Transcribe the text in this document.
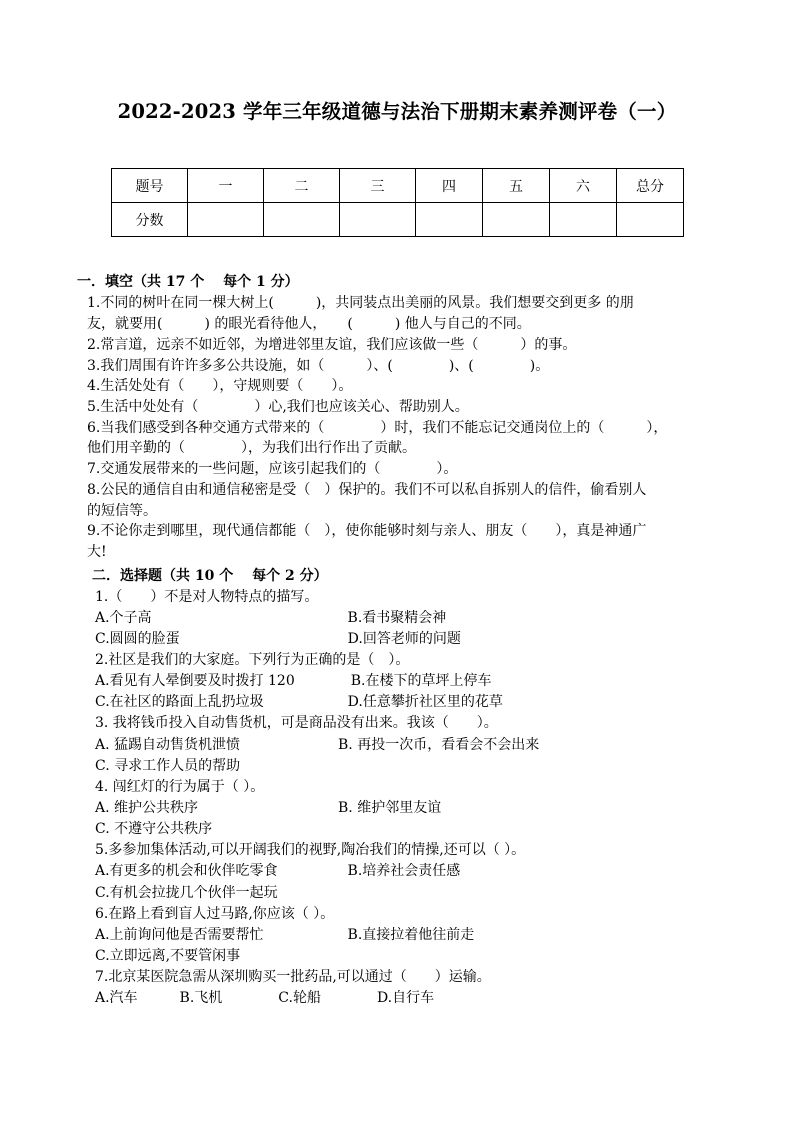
2022-2023 学年三年级道德与法治下册期末素养测评卷（一）
题号	一	二	三	四	五	六	总分
分数							
一．填空（共 17 个　 每个 1 分）
1.不同的树叶在同一棵大树上(　　　)，共同装点出美丽的风景。我们想要交到更多 的朋
友，就要用(　　　) 的眼光看待他人，　　(　　　) 他人与自己的不同。
2.常言道，远亲不如近邻，为增进邻里友谊，我们应该做一些（　　　）的事。
3.我们周围有许许多多公共设施，如（　　　）、(　　　　)、(　　　　)。
4.生活处处有（　　），守规则要（　　）。
5.生活中处处有（　　　　）心,我们也应该关心、帮助别人。
6.当我们感受到各种交通方式带来的（　　　　）时，我们不能忘记交通岗位上的（　　　），
他们用辛勤的（　　　　），为我们出行作出了贡献。
7.交通发展带来的一些问题，应该引起我们的（　　　　）。
8.公民的通信自由和通信秘密是受（　）保护的。我们不可以私自拆别人的信件，偷看别人
的短信等。
9.不论你走到哪里，现代通信都能（　），使你能够时刻与亲人、朋友（　　），真是神通广
大!
二．选择题（共 10 个　 每个 2 分）
1.（　　）不是对人物特点的描写。
A.个子高　　　　　　　　　　　　　　B.看书聚精会神
C.圆圆的脸蛋　　　　　　　　　　　　D.回答老师的问题
2.社区是我们的大家庭。下列行为正确的是（　）。
A.看见有人晕倒要及时拨打 120　　　　B.在楼下的草坪上停车
C.在社区的路面上乱扔垃圾　　　　　　D.任意攀折社区里的花草
3. 我将钱币投入自动售货机，可是商品没有出来。我该（　　）。
A. 猛踢自动售货机泄愤　　　　　　　B. 再投一次币，看看会不会出来
C. 寻求工作人员的帮助
4. 闯红灯的行为属于（ ）。
A. 维护公共秩序　　　　　　　　　　B. 维护邻里友谊
C. 不遵守公共秩序
5.多参加集体活动,可以开阔我们的视野,陶冶我们的情操,还可以（ ）。
A.有更多的机会和伙伴吃零食　　　　　B.培养社会责任感
C.有机会拉拢几个伙伴一起玩
6.在路上看到盲人过马路,你应该（ ）。
A.上前询问他是否需要帮忙　　　　　　B.直接拉着他往前走
C.立即远离,不要管闲事
7.北京某医院急需从深圳购买一批药品,可以通过（　　）运输。
A.汽车　　　B.飞机　　　　C.轮船　　　　D.自行车
